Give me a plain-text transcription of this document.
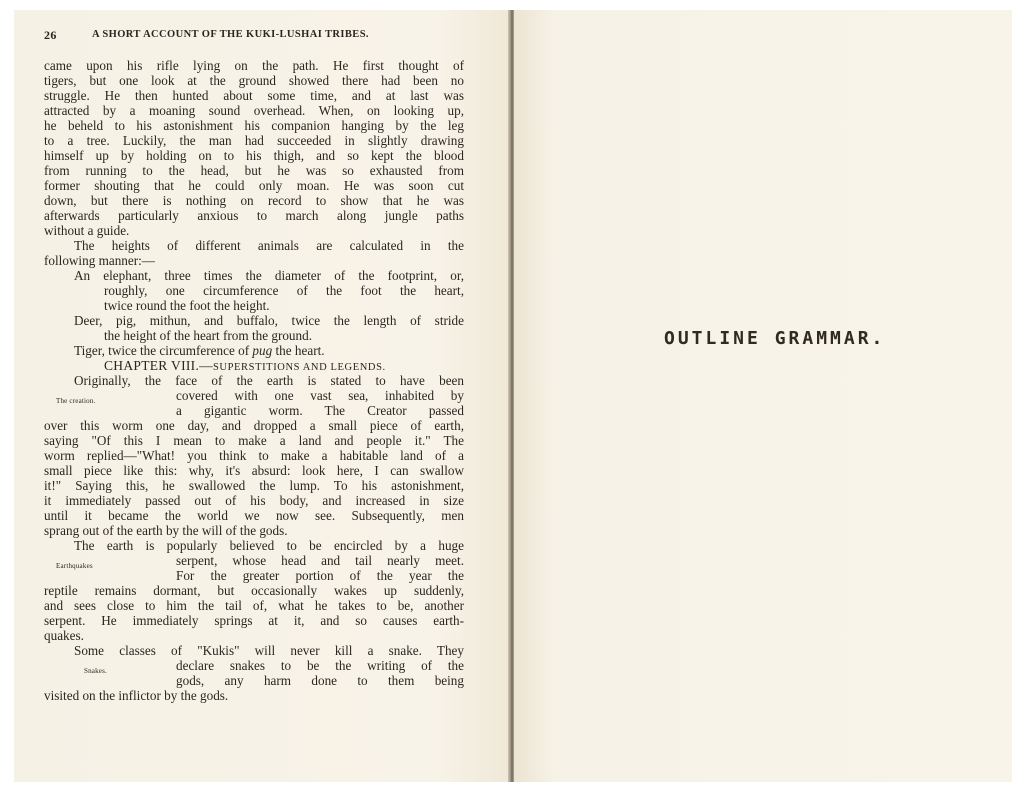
26	A SHORT ACCOUNT OF THE KUKI-LUSHAI TRIBES.
came upon his rifle lying on the path. He first thought of
tigers, but one look at the ground showed there had been no
struggle. He then hunted about some time, and at last was
attracted by a moaning sound overhead. When, on looking up,
he beheld to his astonishment his companion hanging by the leg
to a tree. Luckily, the man had succeeded in slightly drawing
himself up by holding on to his thigh, and so kept the blood
from running to the head, but he was so exhausted from
former shouting that he could only moan. He was soon cut
down, but there is nothing on record to show that he was
afterwards particularly anxious to march along jungle paths
without a guide.
The heights of different animals are calculated in the
following manner:—
An elephant, three times the diameter of the footprint, or,
roughly, one circumference of the foot the heart,
twice round the foot the height.
Deer, pig, mithun, and buffalo, twice the length of stride
the height of the heart from the ground.
Tiger, twice the circumference of pug the heart.
CHAPTER VIII.—SUPERSTITIONS AND LEGENDS.
Originally, the face of the earth is stated to have been
The creation.	covered with one vast sea, inhabited by
a gigantic worm. The Creator passed
over this worm one day, and dropped a small piece of earth,
saying "Of this I mean to make a land and people it." The
worm replied—"What! you think to make a habitable land of a
small piece like this: why, it's absurd: look here, I can swallow
it!" Saying this, he swallowed the lump. To his astonishment,
it immediately passed out of his body, and increased in size
until it became the world we now see. Subsequently, men
sprang out of the earth by the will of the gods.
The earth is popularly believed to be encircled by a huge
Earthquakes	serpent, whose head and tail nearly meet.
For the greater portion of the year the
reptile remains dormant, but occasionally wakes up suddenly,
and sees close to him the tail of, what he takes to be, another
serpent. He immediately springs at it, and so causes earth-
quakes.
Some classes of "Kukis" will never kill a snake. They
Snakes.	declare snakes to be the writing of the
gods, any harm done to them being
visited on the inflictor by the gods.
OUTLINE GRAMMAR.
